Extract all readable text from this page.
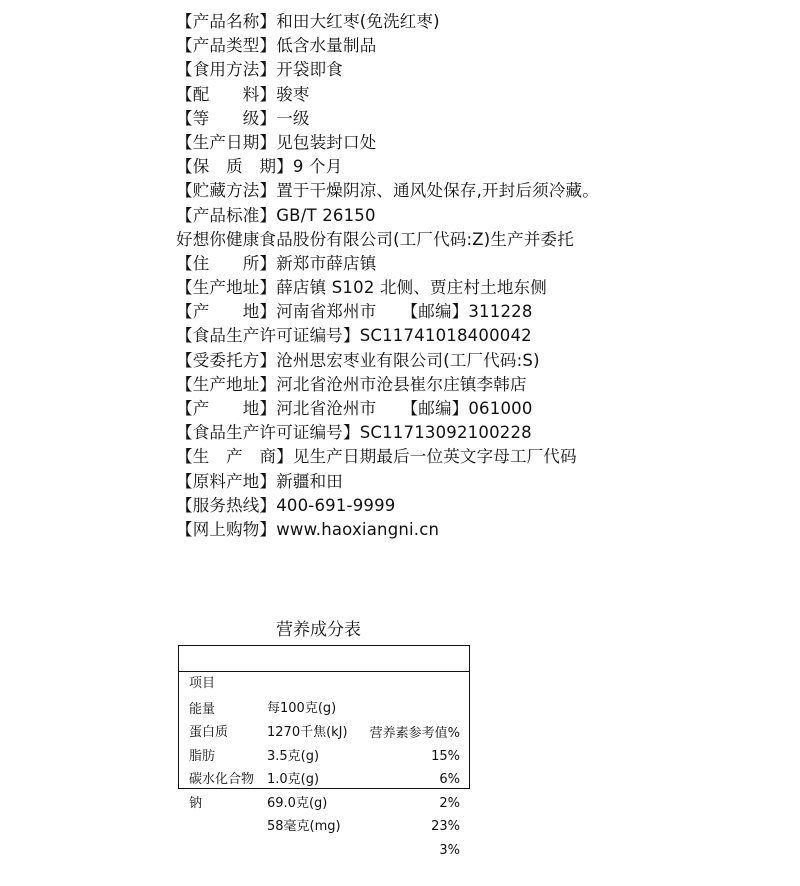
【产品名称】和田大红枣(免洗红枣)
【产品类型】低含水量制品
【食用方法】开袋即食
【配　　料】骏枣
【等　　级】一级
【生产日期】见包装封口处
【保　质　期】9 个月
【贮藏方法】置于干燥阴凉、通风处保存,开封后须冷藏。
【产品标准】GB/T 26150
好想你健康食品股份有限公司(工厂代码:Z)生产并委托
【住　　所】新郑市薛店镇
【生产地址】薛店镇 S102 北侧、贾庄村土地东侧
【产　　地】河南省郑州市　　【邮编】311228
【食品生产许可证编号】SC11741018400042
【受委托方】沧州思宏枣业有限公司(工厂代码:S)
【生产地址】河北省沧州市沧县崔尔庄镇李韩店
【产　　地】河北省沧州市　　【邮编】061000
【食品生产许可证编号】SC11713092100228
【生　产　商】见生产日期最后一位英文字母工厂代码
【原料产地】新疆和田
【服务热线】400-691-9999
【网上购物】www.haoxiangni.cn
营养成分表

项目

每100克(g)

营养素参考值%

能量

1270千焦(kJ)

15%

蛋白质

3.5克(g)

6%

脂肪

1.0克(g)

2%

碳水化合物

69.0克(g)

23%

钠

58毫克(mg)

3%
